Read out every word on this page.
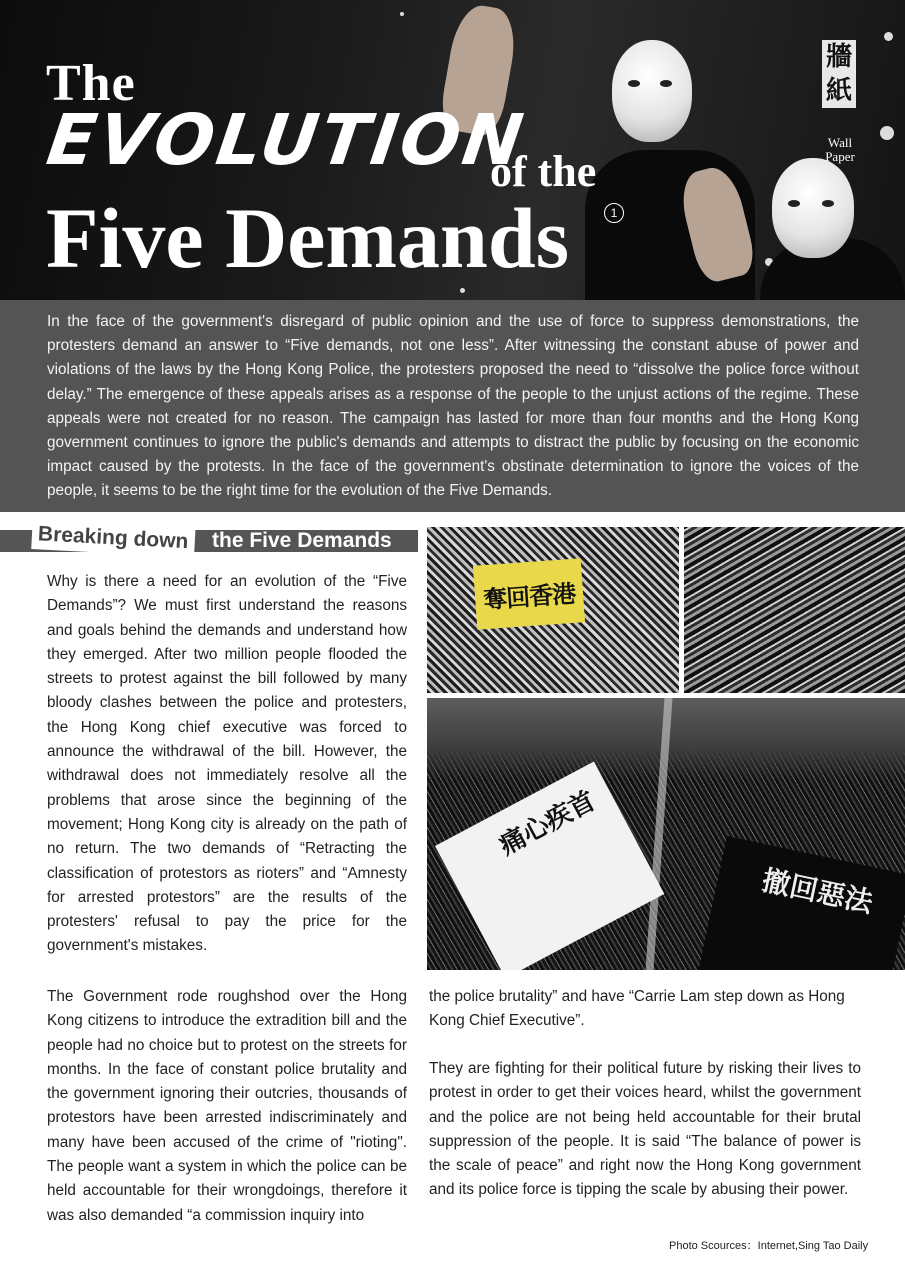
The
EVOLUTION
of the
Five Demands	1
牆紙
Wall
Paper

In the face of the government's disregard of public opinion and the use of force to suppress demonstrations, the protesters demand an answer to “Five demands, not one less”. After witnessing the constant abuse of power and violations of the laws by the Hong Kong Police, the protesters proposed the need to “dissolve the police force without delay.” The emergence of these appeals arises as a response of the people to the unjust actions of the regime. These appeals were not created for no reason. The campaign has lasted for more than four months and the Hong Kong government continues to ignore the public's demands and attempts to distract the public by focusing on the economic impact caused by the protests. In the face of the government's obstinate determination to ignore the voices of the people, it seems to be the right time for the evolution of the Five Demands.

Breaking down the Five Demands

Why is there a need for an evolution of the “Five Demands”? We must first understand the reasons and goals behind the demands and understand how they emerged. After two million people flooded the streets to protest against the bill followed by many bloody clashes between the police and protesters, the Hong Kong chief executive was forced to announce the withdrawal of the bill. However, the withdrawal does not immediately resolve all the problems that arose since the beginning of the movement; Hong Kong city is already on the path of no return. The two demands of “Retracting the classification of protestors as rioters” and “Amnesty for arrested protestors” are the results of the protesters' refusal to pay the price for the government's mistakes.

The Government rode roughshod over the Hong Kong citizens to introduce the extradition bill and the people had no choice but to protest on the streets for months. In the face of constant police brutality and the government ignoring their outcries, thousands of protestors have been arrested indiscriminately and many have been accused of the crime of "rioting". The people want a system in which the police can be held accountable for their wrongdoings, therefore it was also demanded “a commission inquiry into

the police brutality” and have “Carrie Lam step down as Hong Kong Chief Executive”.

They are fighting for their political future by risking their lives to protest in order to get their voices heard, whilst the government and the police are not being held accountable for their brutal suppression of the people. It is said “The balance of power is the scale of peace” and right now the Hong Kong government and its police force is tipping the scale by abusing their power.

奪回香港
痛心疾首
撤回惡法
Photo Scources：Internet,Sing Tao Daily
